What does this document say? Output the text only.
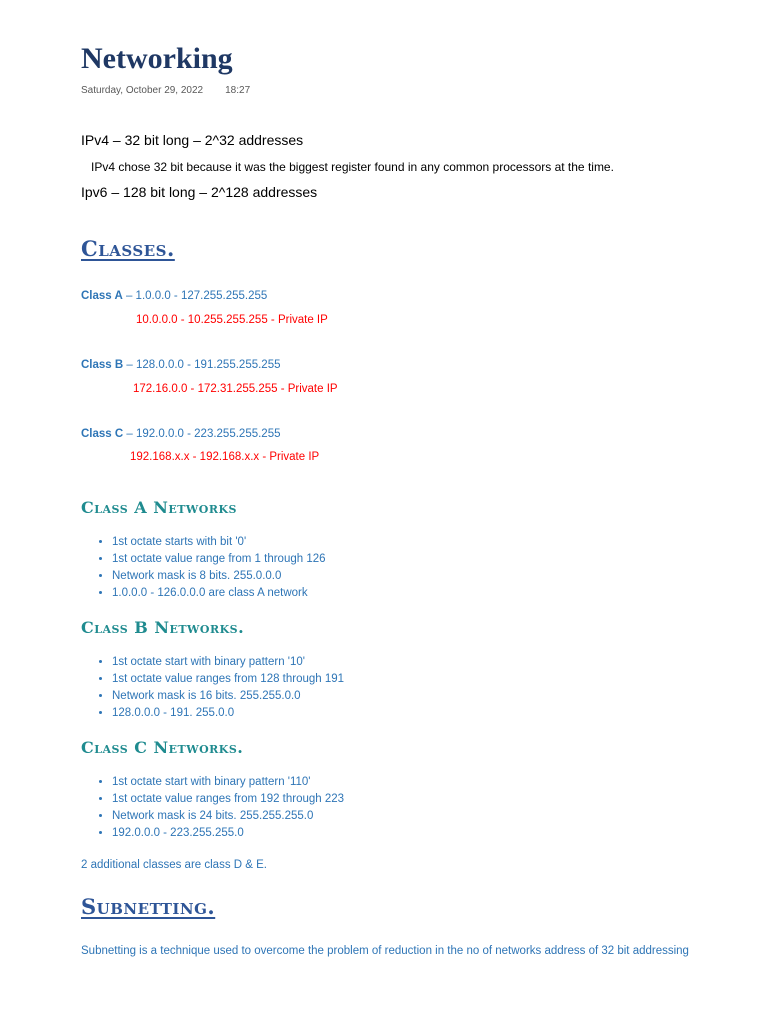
Networking
Saturday, October 29, 2022 18:27
IPv4 – 32 bit long – 2^32 addresses
IPv4 chose 32 bit because it was the biggest register found in any common processors at the time.
Ipv6 – 128 bit long – 2^128 addresses
Classes.
Class A – 1.0.0.0 - 127.255.255.255
10.0.0.0 - 10.255.255.255 - Private IP
Class B – 128.0.0.0 - 191.255.255.255
172.16.0.0 - 172.31.255.255 - Private IP
Class C – 192.0.0.0 - 223.255.255.255
192.168.x.x - 192.168.x.x - Private IP
Class A Networks
• 1st octate starts with bit '0'
• 1st octate value range from 1 through 126
• Network mask is 8 bits. 255.0.0.0
• 1.0.0.0 - 126.0.0.0 are class A network
Class B Networks.
• 1st octate start with binary pattern '10'
• 1st octate value ranges from 128 through 191
• Network mask is 16 bits. 255.255.0.0
• 128.0.0.0 - 191. 255.0.0
Class C Networks.
• 1st octate start with binary pattern '110'
• 1st octate value ranges from 192 through 223
• Network mask is 24 bits. 255.255.255.0
• 192.0.0.0 - 223.255.255.0
2 additional classes are class D & E.
Subnetting.
Subnetting is a technique used to overcome the problem of reduction in the no of networks address of 32 bit addressing
